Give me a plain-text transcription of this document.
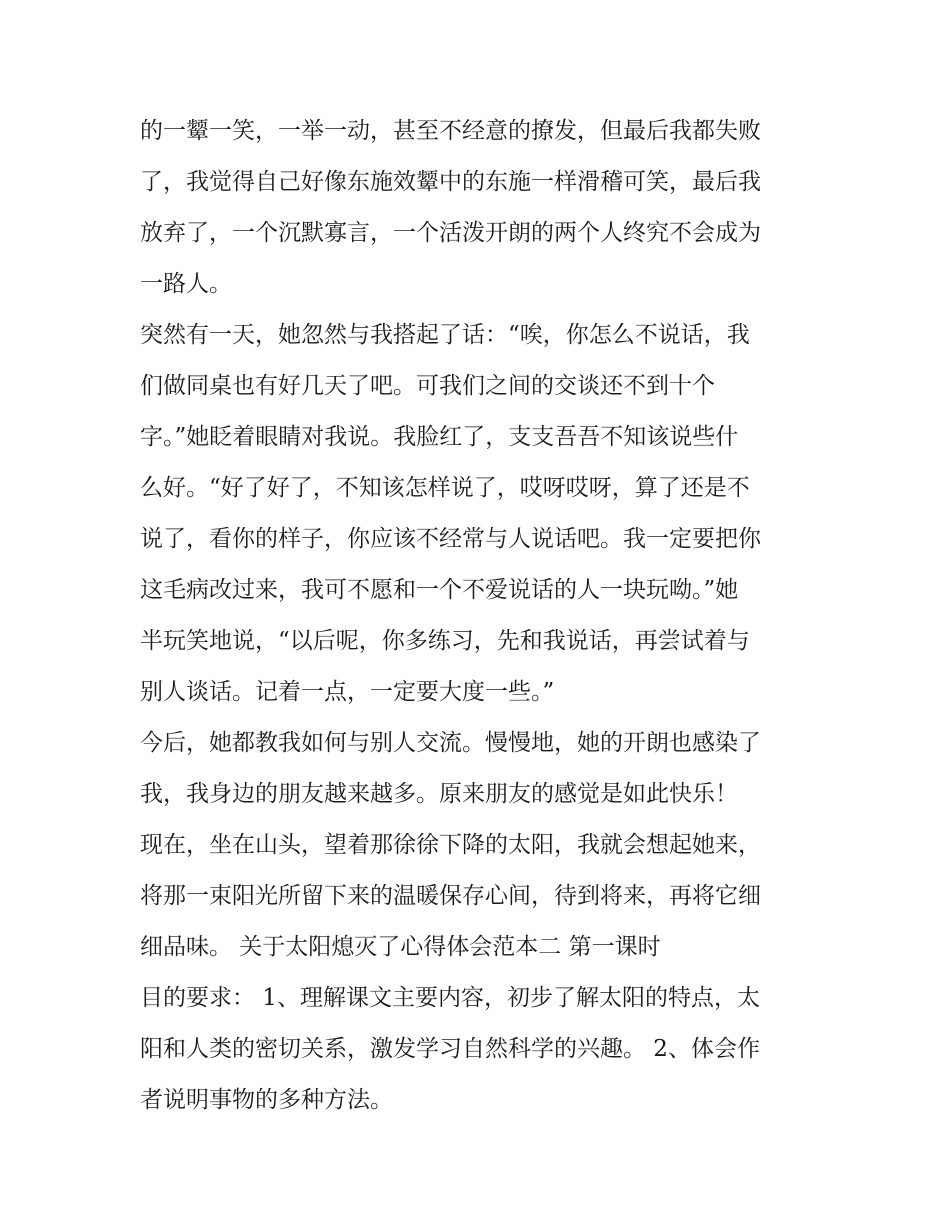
的一颦一笑，一举一动，甚至不经意的撩发，但最后我都失败
了，我觉得自己好像东施效颦中的东施一样滑稽可笑，最后我
放弃了，一个沉默寡言，一个活泼开朗的两个人终究不会成为
一路人。
突然有一天，她忽然与我搭起了话：“唉，你怎么不说话，我
们做同桌也有好几天了吧。可我们之间的交谈还不到十个
字。”她眨着眼睛对我说。我脸红了，支支吾吾不知该说些什
么好。“好了好了，不知该怎样说了，哎呀哎呀，算了还是不
说了，看你的样子，你应该不经常与人说话吧。我一定要把你
这毛病改过来，我可不愿和一个不爱说话的人一块玩呦。”她
半玩笑地说，“以后呢，你多练习，先和我说话，再尝试着与
别人谈话。记着一点，一定要大度一些。”
今后，她都教我如何与别人交流。慢慢地，她的开朗也感染了
我，我身边的朋友越来越多。原来朋友的感觉是如此快乐！
现在，坐在山头，望着那徐徐下降的太阳，我就会想起她来，
将那一束阳光所留下来的温暖保存心间，待到将来，再将它细
细品味。 关于太阳熄灭了心得体会范本二 第一课时
目的要求： 1、理解课文主要内容，初步了解太阳的特点，太
阳和人类的密切关系，激发学习自然科学的兴趣。 2、体会作
者说明事物的多种方法。
